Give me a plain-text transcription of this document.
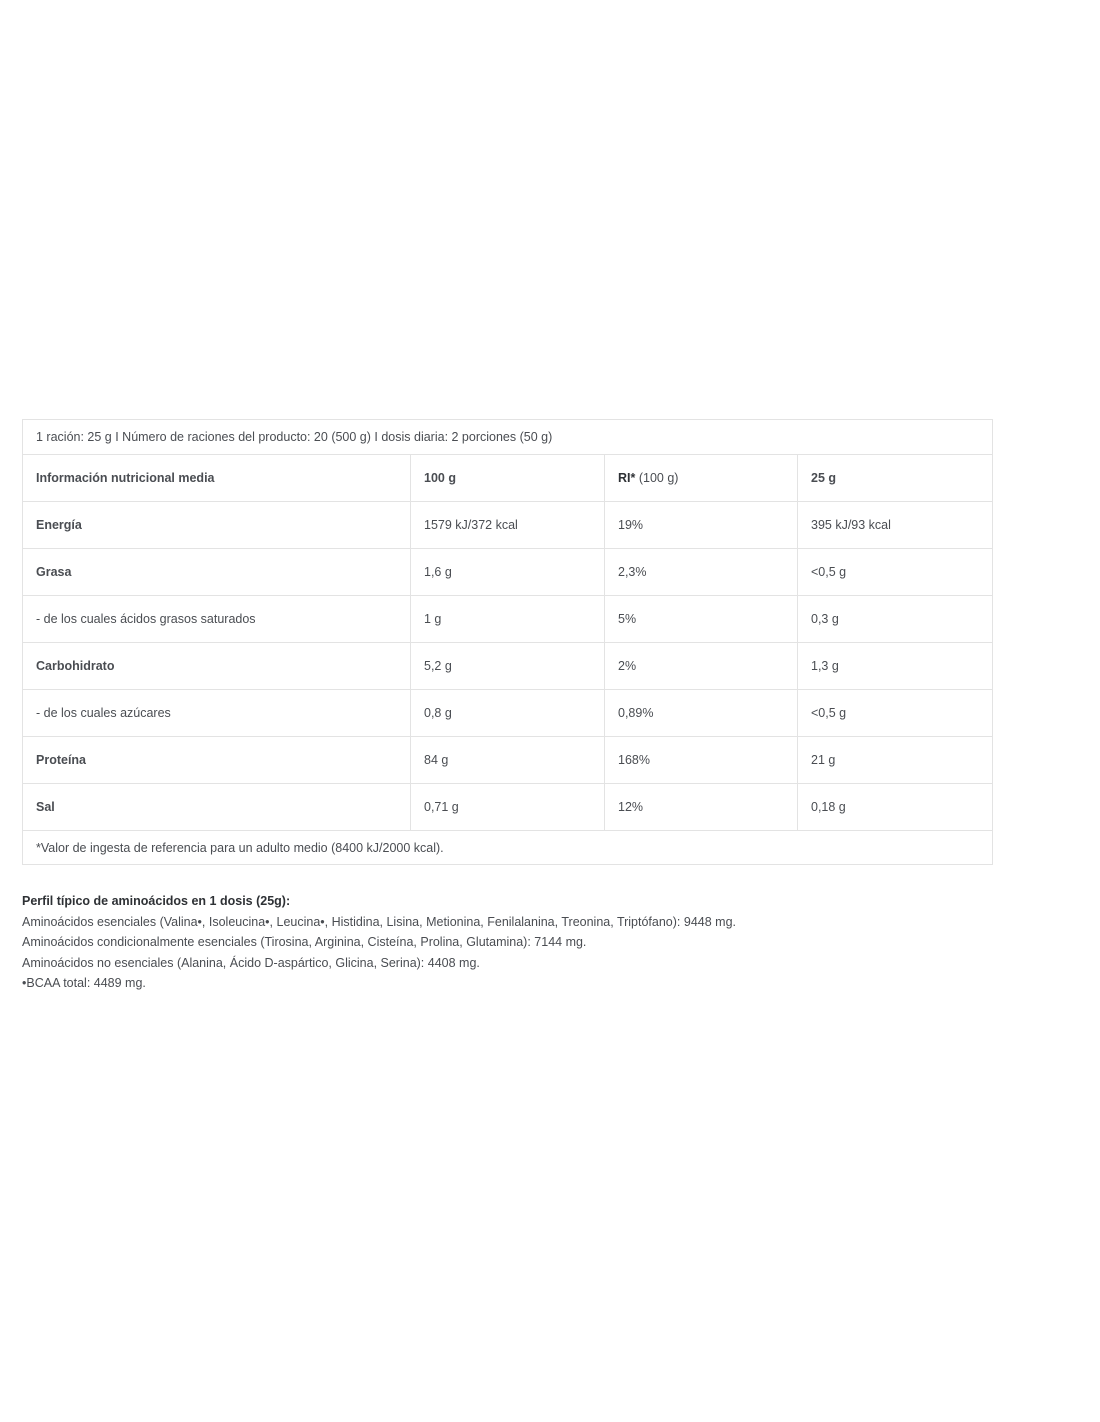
1 ración: 25 g I Número de raciones del producto: 20 (500 g) I dosis diaria: 2 porciones (50 g)			
Información nutricional media	100 g	RI* (100 g)	25 g
Energía	1579 kJ/372 kcal	19%	395 kJ/93 kcal
Grasa	1,6 g	2,3%	<0,5 g
- de los cuales ácidos grasos saturados	1 g	5%	0,3 g
Carbohidrato	5,2 g	2%	1,3 g
- de los cuales azúcares	0,8 g	0,89%	<0,5 g
Proteína	84 g	168%	21 g
Sal	0,71 g	12%	0,18 g
*Valor de ingesta de referencia para un adulto medio (8400 kJ/2000 kcal).			
Perfil típico de aminoácidos en 1 dosis (25g):
Aminoácidos esenciales (Valina•, Isoleucina•, Leucina•, Histidina, Lisina, Metionina, Fenilalanina, Treonina, Triptófano): 9448 mg.
Aminoácidos condicionalmente esenciales (Tirosina, Arginina, Cisteína, Prolina, Glutamina): 7144 mg.
Aminoácidos no esenciales (Alanina, Ácido D-aspártico, Glicina, Serina): 4408 mg.
•BCAA total: 4489 mg.
